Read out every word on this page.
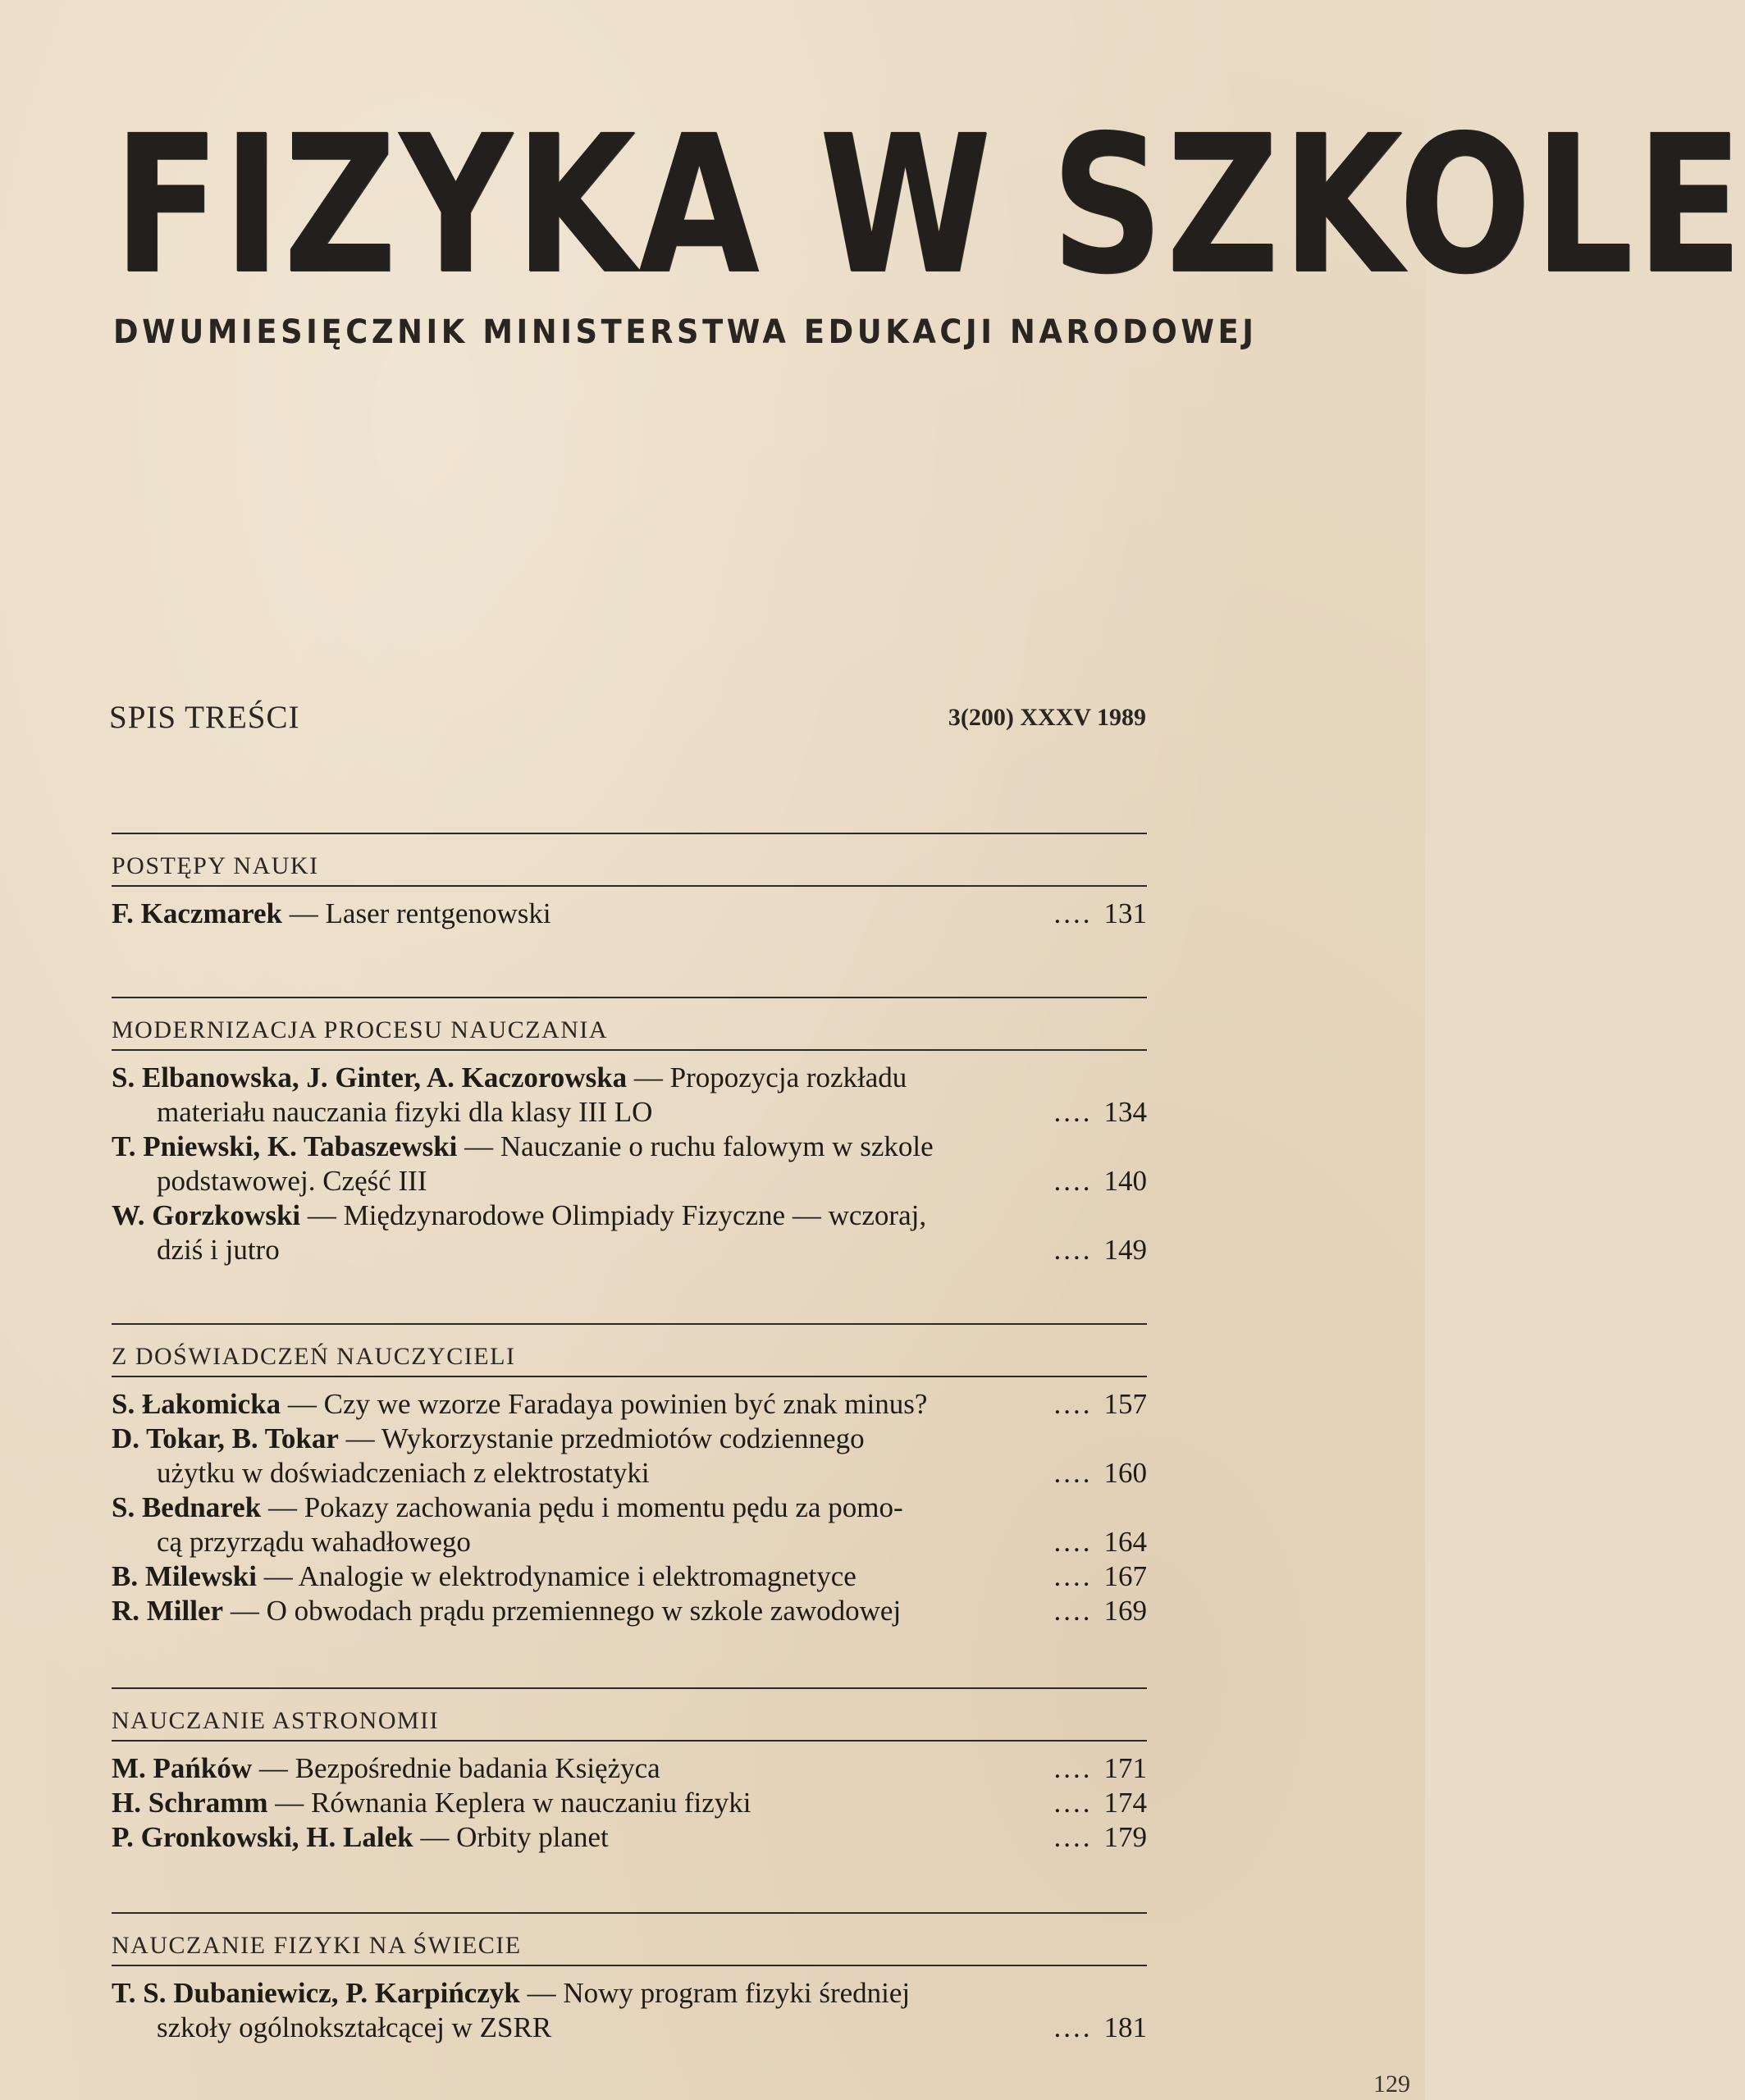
FIZYKA W SZKOLE
DWUMIESIĘCZNIK MINISTERSTWA EDUKACJI NARODOWEJ
SPIS TREŚCI	3(200) XXXV 1989
POSTĘPY NAUKI
F. Kaczmarek — Laser rentgenowski	.... 131
MODERNIZACJA PROCESU NAUCZANIA
S. Elbanowska, J. Ginter, A. Kaczorowska — Propozycja rozkładu
materiału nauczania fizyki dla klasy III LO	.... 134
T. Pniewski, K. Tabaszewski — Nauczanie o ruchu falowym w szkole
podstawowej. Część III	.... 140
W. Gorzkowski — Międzynarodowe Olimpiady Fizyczne — wczoraj,
dziś i jutro	.... 149
Z DOŚWIADCZEŃ NAUCZYCIELI
S. Łakomicka — Czy we wzorze Faradaya powinien być znak minus?	.... 157
D. Tokar, B. Tokar — Wykorzystanie przedmiotów codziennego
użytku w doświadczeniach z elektrostatyki	.... 160
S. Bednarek — Pokazy zachowania pędu i momentu pędu za pomo-
cą przyrządu wahadłowego	.... 164
B. Milewski — Analogie w elektrodynamice i elektromagnetyce	.... 167
R. Miller — O obwodach prądu przemiennego w szkole zawodowej	.... 169
NAUCZANIE ASTRONOMII
M. Pańków — Bezpośrednie badania Księżyca	.... 171
H. Schramm — Równania Keplera w nauczaniu fizyki	.... 174
P. Gronkowski, H. Lalek — Orbity planet	.... 179
NAUCZANIE FIZYKI NA ŚWIECIE
T. S. Dubaniewicz, P. Karpińczyk — Nowy program fizyki średniej
szkoły ogólnokształcącej w ZSRR	.... 181
129
